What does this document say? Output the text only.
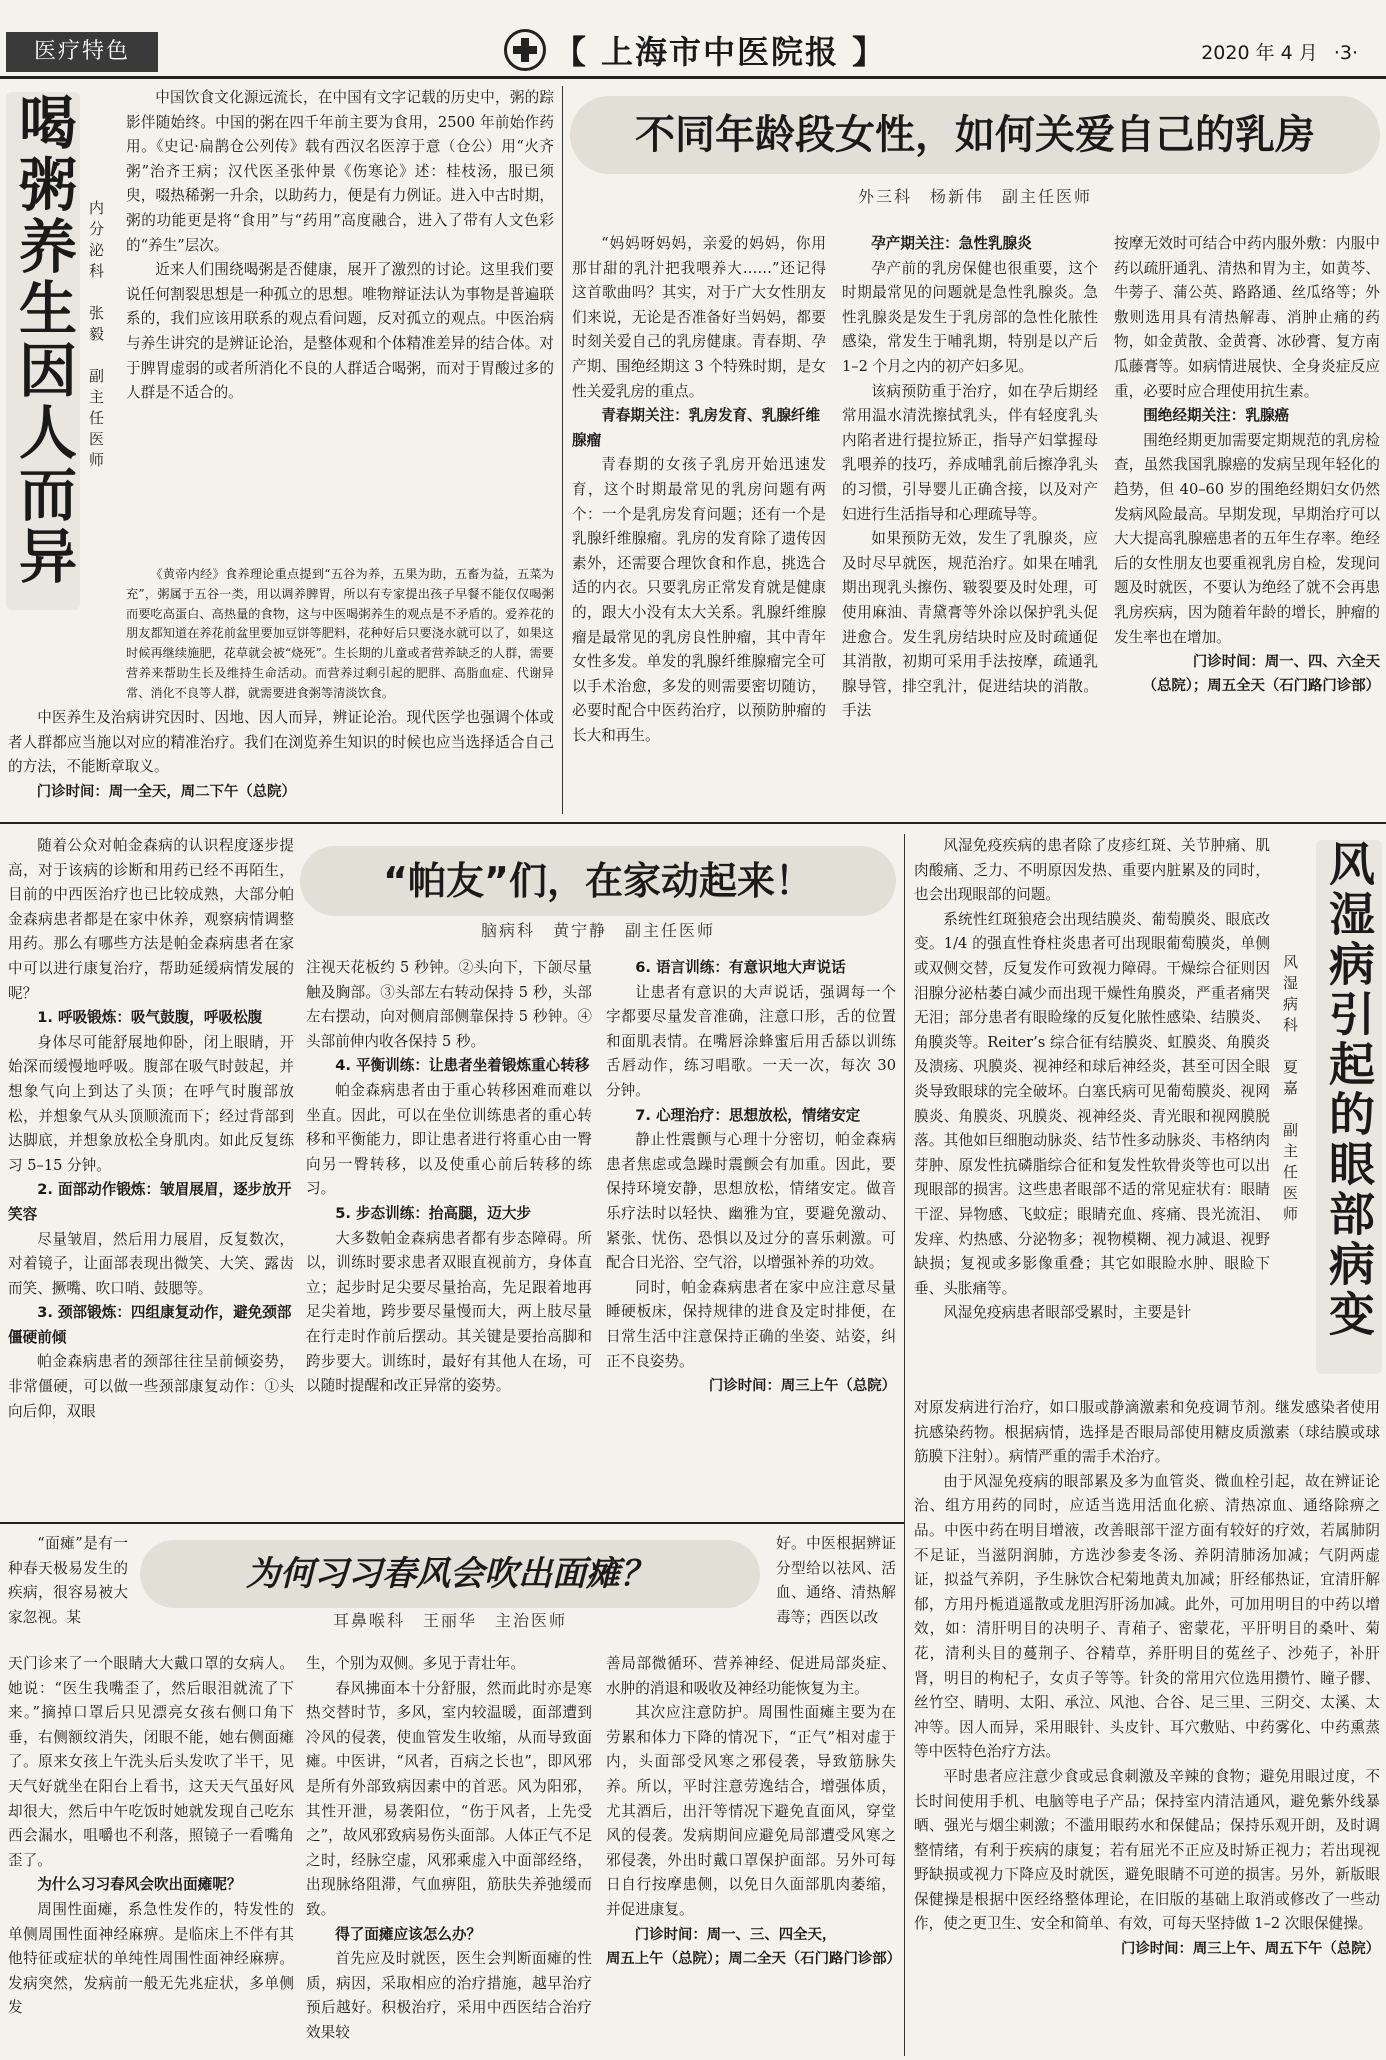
医疗特色	【 上海市中医院报 】	2020 年 4 月 ·3·
喝粥养生因人而异 内分泌科　张毅　副主任医师

中国饮食文化源远流长，在中国有文字记载的历史中，粥的踪影伴随始终。中国的粥在四千年前主要为食用，2500 年前始作药用。《史记·扁鹊仓公列传》载有西汉名医淳于意（仓公）用“火齐粥”治齐王病；汉代医圣张仲景《伤寒论》述：桂枝汤，服已须臾，啜热稀粥一升余，以助药力，便是有力例证。进入中古时期，粥的功能更是将“食用”与“药用”高度融合，进入了带有人文色彩的“养生”层次。

近来人们围绕喝粥是否健康，展开了激烈的讨论。这里我们要说任何割裂思想是一种孤立的思想。唯物辩证法认为事物是普遍联系的，我们应该用联系的观点看问题，反对孤立的观点。中医治病与养生讲究的是辨证论治，是整体观和个体精准差异的结合体。对于脾胃虚弱的或者所消化不良的人群适合喝粥，而对于胃酸过多的人群是不适合的。

《黄帝内经》食养理论重点提到“五谷为养，五果为助，五畜为益，五菜为充”，粥属于五谷一类，用以调养脾胃，所以有专家提出孩子早餐不能仅仅喝粥而要吃高蛋白、高热量的食物，这与中医喝粥养生的观点是不矛盾的。爱养花的朋友都知道在养花前盆里要加豆饼等肥料，花种好后只要浇水就可以了，如果这时候再继续施肥，花草就会被“烧死”。生长期的儿童或者营养缺乏的人群，需要营养来帮助生长及维持生命活动。而营养过剩引起的肥胖、高脂血症、代谢异常、消化不良等人群，就需要进食粥等清淡饮食。

不同年龄段女性，如何关爱自己的乳房
外三科　杨新伟　副主任医师

“妈妈呀妈妈，亲爱的妈妈，你用那甘甜的乳汁把我喂养大……”还记得这首歌曲吗？其实，对于广大女性朋友们来说，无论是否准备好当妈妈，都要时刻关爱自己的乳房健康。青春期、孕产期、围绝经期这 3 个特殊时期，是女性关爱乳房的重点。

青春期关注：乳房发育、乳腺纤维腺瘤

青春期的女孩子乳房开始迅速发育，这个时期最常见的乳房问题有两个：一个是乳房发育问题；还有一个是乳腺纤维腺瘤。乳房的发育除了遗传因素外，还需要合理饮食和作息，挑选合适的内衣。只要乳房正常发育就是健康的，跟大小没有太大关系。乳腺纤维腺瘤是最常见的乳房良性肿瘤，其中青年女性多发。单发的乳腺纤维腺瘤完全可以手术治愈，多发的则需要密切随访，必要时配合中医药治疗，以预防肿瘤的长大和再生。

孕产期关注：急性乳腺炎

孕产前的乳房保健也很重要，这个时期最常见的问题就是急性乳腺炎。急性乳腺炎是发生于乳房部的急性化脓性感染，常发生于哺乳期，特别是以产后 1–2 个月之内的初产妇多见。

该病预防重于治疗，如在孕后期经常用温水清洗擦拭乳头，伴有轻度乳头内陷者进行提拉矫正，指导产妇掌握母乳喂养的技巧，养成哺乳前后擦净乳头的习惯，引导婴儿正确含接，以及对产妇进行生活指导和心理疏导等。

如果预防无效，发生了乳腺炎，应及时尽早就医，规范治疗。如果在哺乳期出现乳头擦伤、皲裂要及时处理，可使用麻油、青黛膏等外涂以保护乳头促进愈合。发生乳房结块时应及时疏通促其消散，初期可采用手法按摩，疏通乳腺导管，排空乳汁，促进结块的消散。手法

按摩无效时可结合中药内服外敷：内服中药以疏肝通乳、清热和胃为主，如黄芩、牛蒡子、蒲公英、路路通、丝瓜络等；外敷则选用具有清热解毒、消肿止痛的药物，如金黄散、金黄膏、冰砂膏、复方南瓜藤膏等。如病情进展快、全身炎症反应重，必要时应合理使用抗生素。

围绝经期关注：乳腺癌

围绝经期更加需要定期规范的乳房检查，虽然我国乳腺癌的发病呈现年轻化的趋势，但 40–60 岁的围绝经期妇女仍然发病风险最高。早期发现，早期治疗可以大大提高乳腺癌患者的五年生存率。绝经后的女性朋友也要重视乳房自检，发现问题及时就医，不要认为绝经了就不会再患乳房疾病，因为随着年龄的增长，肿瘤的发生率也在增加。

门诊时间：周一、四、六全天

（总院）；周五全天（石门路门诊部）

中医养生及治病讲究因时、因地、因人而异，辨证论治。现代医学也强调个体或者人群都应当施以对应的精准治疗。我们在浏览养生知识的时候也应当选择适合自己的方法，不能断章取义。

门诊时间：周一全天，周二下午（总院）

“帕友”们，在家动起来！
脑病科　黄宁静　副主任医师

随着公众对帕金森病的认识程度逐步提高，对于该病的诊断和用药已经不再陌生，目前的中西医治疗也已比较成熟，大部分帕金森病患者都是在家中休养，观察病情调整用药。那么有哪些方法是帕金森病患者在家中可以进行康复治疗，帮助延缓病情发展的呢？

1. 呼吸锻炼：吸气鼓腹，呼吸松腹

身体尽可能舒展地仰卧，闭上眼睛，开始深而缓慢地呼吸。腹部在吸气时鼓起，并想象气向上到达了头顶；在呼气时腹部放松，并想象气从头顶顺流而下；经过背部到达脚底，并想象放松全身肌肉。如此反复练习 5–15 分钟。

2. 面部动作锻炼：皱眉展眉，逐步放开笑容

尽量皱眉，然后用力展眉，反复数次，对着镜子，让面部表现出微笑、大笑、露齿而笑、撅嘴、吹口哨、鼓腮等。

3. 颈部锻炼：四组康复动作，避免颈部僵硬前倾

帕金森病患者的颈部往往呈前倾姿势，非常僵硬，可以做一些颈部康复动作：①头向后仰，双眼

注视天花板约 5 秒钟。②头向下，下颌尽量触及胸部。③头部左右转动保持 5 秒，头部左右摆动，向对侧肩部侧靠保持 5 秒钟。④头部前伸内收各保持 5 秒。

4. 平衡训练：让患者坐着锻炼重心转移

帕金森病患者由于重心转移困难而难以坐直。因此，可以在坐位训练患者的重心转移和平衡能力，即让患者进行将重心由一臀向另一臀转移，以及使重心前后转移的练习。

5. 步态训练：抬高腿，迈大步

大多数帕金森病患者都有步态障碍。所以，训练时要求患者双眼直视前方，身体直立；起步时足尖要尽量抬高，先足跟着地再足尖着地，跨步要尽量慢而大，两上肢尽量在行走时作前后摆动。其关键是要抬高脚和跨步要大。训练时，最好有其他人在场，可以随时提醒和改正异常的姿势。

6. 语言训练：有意识地大声说话

让患者有意识的大声说话，强调每一个字都要尽量发音准确，注意口形，舌的位置和面肌表情。在嘴唇涂蜂蜜后用舌舔以训练舌唇动作，练习唱歌。一天一次，每次 30 分钟。

7. 心理治疗：思想放松，情绪安定

静止性震颤与心理十分密切，帕金森病患者焦虑或急躁时震颤会有加重。因此，要保持环境安静，思想放松，情绪安定。做音乐疗法时以轻快、幽雅为宜，要避免激动、紧张、忧伤、恐惧以及过分的喜乐刺激。可配合日光浴、空气浴，以增强补养的功效。

同时，帕金森病患者在家中应注意尽量睡硬板床，保持规律的进食及定时排便，在日常生活中注意保持正确的坐姿、站姿，纠正不良姿势。

门诊时间：周三上午（总院）

为何习习春风会吹出面瘫？
耳鼻喉科　王丽华　主治医师

“面瘫”是有一种春天极易发生的疾病，很容易被大家忽视。某

天门诊来了一个眼睛大大戴口罩的女病人。她说：“医生我嘴歪了，然后眼泪就流了下来。”摘掉口罩后只见漂亮女孩右侧口角下垂，右侧额纹消失，闭眼不能，她右侧面瘫了。原来女孩上午洗头后头发吹了半干，见天气好就坐在阳台上看书，这天天气虽好风却很大，然后中午吃饭时她就发现自己吃东西会漏水，咀嚼也不利落，照镜子一看嘴角歪了。

为什么习习春风会吹出面瘫呢？

周围性面瘫，系急性发作的，特发性的单侧周围性面神经麻痹。是临床上不伴有其他特征或症状的单纯性周围性面神经麻痹。发病突然，发病前一般无先兆症状，多单侧发

生，个别为双侧。多见于青壮年。

春风拂面本十分舒服，然而此时亦是寒热交替时节，多风，室内较温暖，面部遭到冷风的侵袭，使血管发生收缩，从而导致面瘫。中医讲，“风者，百病之长也”，即风邪是所有外部致病因素中的首恶。风为阳邪，其性开泄，易袭阳位，“伤于风者，上先受之”，故风邪致病易伤头面部。人体正气不足之时，经脉空虚，风邪乘虚入中面部经络，出现脉络阻滞，气血痹阻，筋肤失养弛缓而致。

得了面瘫应该怎么办？

首先应及时就医，医生会判断面瘫的性质，病因，采取相应的治疗措施，越早治疗预后越好。积极治疗，采用中西医结合治疗效果较

好。中医根据辨证分型给以祛风、活血、通络、清热解毒等；西医以改

善局部微循环、营养神经、促进局部炎症、水肿的消退和吸收及神经功能恢复为主。

其次应注意防护。周围性面瘫主要为在劳累和体力下降的情况下，“正气”相对虚于内，头面部受风寒之邪侵袭，导致筋脉失养。所以，平时注意劳逸结合，增强体质，尤其酒后，出汗等情况下避免直面风，穿堂风的侵袭。发病期间应避免局部遭受风寒之邪侵袭，外出时戴口罩保护面部。另外可每日自行按摩患侧，以免日久面部肌肉萎缩，并促进康复。

门诊时间：周一、三、四全天，

周五上午（总院）；周二全天（石门路门诊部）

风湿病引起的眼部病变
风湿病科　夏嘉　副主任医师

风湿免疫疾病的患者除了皮疹红斑、关节肿痛、肌肉酸痛、乏力、不明原因发热、重要内脏累及的同时，也会出现眼部的问题。

系统性红斑狼疮会出现结膜炎、葡萄膜炎、眼底改变。1/4 的强直性脊柱炎患者可出现眼葡萄膜炎，单侧或双侧交替，反复发作可致视力障碍。干燥综合征则因泪腺分泌枯萎白减少而出现干燥性角膜炎，严重者痛哭无泪；部分患者有眼睑缘的反复化脓性感染、结膜炎、角膜炎等。Reiter’s 综合征有结膜炎、虹膜炎、角膜炎及溃疡、巩膜炎、视神经和球后神经炎，甚至可因全眼炎导致眼球的完全破坏。白塞氏病可见葡萄膜炎、视网膜炎、角膜炎、巩膜炎、视神经炎、青光眼和视网膜脱落。其他如巨细胞动脉炎、结节性多动脉炎、韦格纳肉芽肿、原发性抗磷脂综合征和复发性软骨炎等也可以出现眼部的损害。这些患者眼部不适的常见症状有：眼睛干涩、异物感、飞蚊症；眼睛充血、疼痛、畏光流泪、发痒、灼热感、分泌物多；视物模糊、视力减退、视野缺损；复视或多影像重叠；其它如眼睑水肿、眼睑下垂、头胀痛等。

风湿免疫病患者眼部受累时，主要是针

对原发病进行治疗，如口服或静滴激素和免疫调节剂。继发感染者使用抗感染药物。根据病情，选择是否眼局部使用糖皮质激素（球结膜或球筋膜下注射）。病情严重的需手术治疗。

由于风湿免疫病的眼部累及多为血管炎、微血栓引起，故在辨证论治、组方用药的同时，应适当选用活血化瘀、清热凉血、通络除痹之品。中医中药在明目增液，改善眼部干涩方面有较好的疗效，若属肺阴不足证，当滋阴润肺，方选沙参麦冬汤、养阴清肺汤加减；气阴两虚证，拟益气养阴，予生脉饮合杞菊地黄丸加减；肝经郁热证，宜清肝解郁，方用丹栀逍遥散或龙胆泻肝汤加减。此外，可加用明目的中药以增效，如：清肝明目的决明子、青葙子、密蒙花，平肝明目的桑叶、菊花，清利头目的蔓荆子、谷精草，养肝明目的菟丝子、沙苑子，补肝肾，明目的枸杞子，女贞子等等。针灸的常用穴位选用攒竹、瞳子髎、丝竹空、睛明、太阳、承泣、风池、合谷、足三里、三阴交、太溪、太冲等。因人而异，采用眼针、头皮针、耳穴敷贴、中药雾化、中药熏蒸等中医特色治疗方法。

平时患者应注意少食或忌食刺激及辛辣的食物；避免用眼过度，不长时间使用手机、电脑等电子产品；保持室内清洁通风，避免紫外线暴晒、强光与烟尘刺激；不滥用眼药水和保健品；保持乐观开朗，及时调整情绪，有利于疾病的康复；若有屈光不正应及时矫正视力；若出现视野缺损或视力下降应及时就医，避免眼睛不可逆的损害。另外，新版眼保健操是根据中医经络整体理论，在旧版的基础上取消或修改了一些动作，使之更卫生、安全和简单、有效，可每天坚持做 1–2 次眼保健操。

门诊时间：周三上午、周五下午（总院）
